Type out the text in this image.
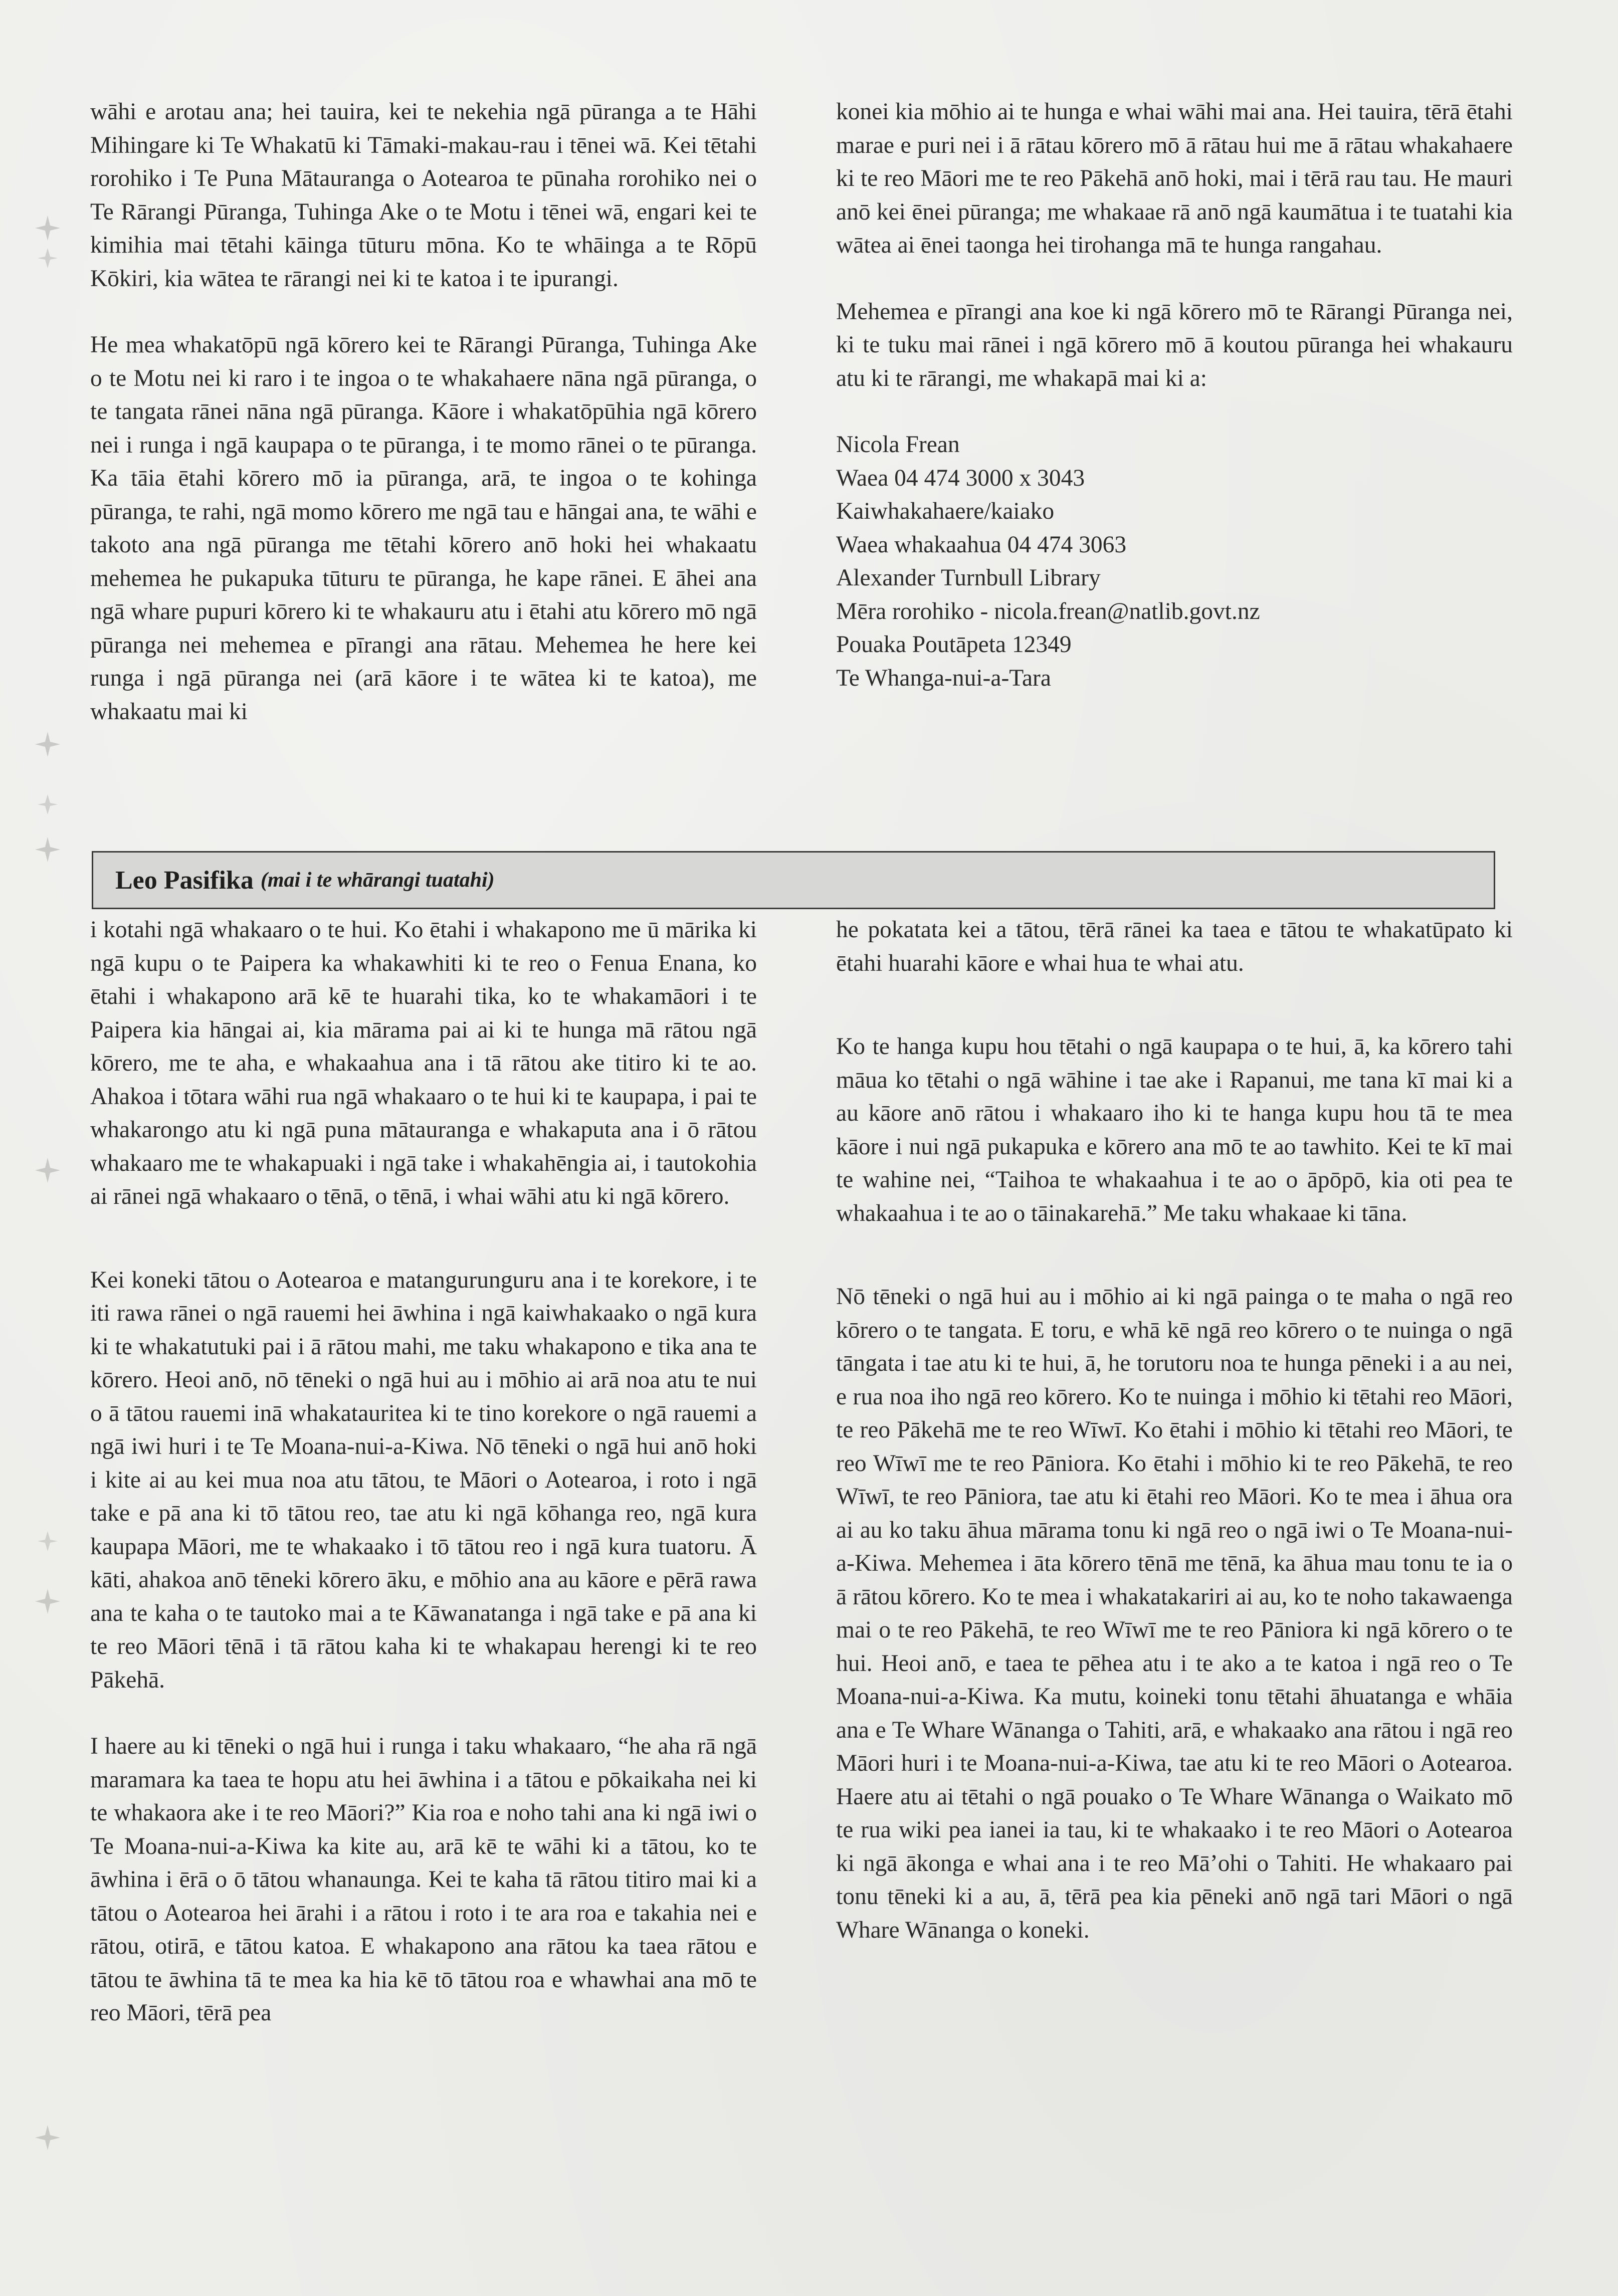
wāhi e arotau ana; hei tauira, kei te nekehia ngā pūranga a te Hāhi Mihingare ki Te Whakatū ki Tāmaki-makau-rau i tēnei wā. Kei tētahi rorohiko i Te Puna Mātauranga o Aotearoa te pūnaha rorohiko nei o Te Rārangi Pūranga, Tuhinga Ake o te Motu i tēnei wā, engari kei te kimihia mai tētahi kāinga tūturu mōna. Ko te whāinga a te Rōpū Kōkiri, kia wātea te rārangi nei ki te katoa i te ipurangi.

He mea whakatōpū ngā kōrero kei te Rārangi Pūranga, Tuhinga Ake o te Motu nei ki raro i te ingoa o te whakahaere nāna ngā pūranga, o te tangata rānei nāna ngā pūranga. Kāore i whakatōpūhia ngā kōrero nei i runga i ngā kaupapa o te pūranga, i te momo rānei o te pūranga. Ka tāia ētahi kōrero mō ia pūranga, arā, te ingoa o te kohinga pūranga, te rahi, ngā momo kōrero me ngā tau e hāngai ana, te wāhi e takoto ana ngā pūranga me tētahi kōrero anō hoki hei whakaatu mehemea he pukapuka tūturu te pūranga, he kape rānei. E āhei ana ngā whare pupuri kōrero ki te whakauru atu i ētahi atu kōrero mō ngā pūranga nei mehemea e pīrangi ana rātau. Mehemea he here kei runga i ngā pūranga nei (arā kāore i te wātea ki te katoa), me whakaatu mai ki

konei kia mōhio ai te hunga e whai wāhi mai ana. Hei tauira, tērā ētahi marae e puri nei i ā rātau kōrero mō ā rātau hui me ā rātau whakahaere ki te reo Māori me te reo Pākehā anō hoki, mai i tērā rau tau. He mauri anō kei ēnei pūranga; me whakaae rā anō ngā kaumātua i te tuatahi kia wātea ai ēnei taonga hei tirohanga mā te hunga rangahau.

Mehemea e pīrangi ana koe ki ngā kōrero mō te Rārangi Pūranga nei, ki te tuku mai rānei i ngā kōrero mō ā koutou pūranga hei whakauru atu ki te rārangi, me whakapā mai ki a:

Nicola Frean
Waea 04 474 3000 x 3043
Kaiwhakahaere/kaiako
Waea whakaahua 04 474 3063
Alexander Turnbull Library
Mēra rorohiko - nicola.frean@natlib.govt.nz
Pouaka Poutāpeta 12349
Te Whanga-nui-a-Tara
Leo Pasifika (mai i te whārangi tuatahi)

i kotahi ngā whakaaro o te hui. Ko ētahi i whakapono me ū mārika ki ngā kupu o te Paipera ka whakawhiti ki te reo o Fenua Enana, ko ētahi i whakapono arā kē te huarahi tika, ko te whakamāori i te Paipera kia hāngai ai, kia mārama pai ai ki te hunga mā rātou ngā kōrero, me te aha, e whakaahua ana i tā rātou ake titiro ki te ao. Ahakoa i tōtara wāhi rua ngā whakaaro o te hui ki te kaupapa, i pai te whakarongo atu ki ngā puna mātauranga e whakaputa ana i ō rātou whakaaro me te whakapuaki i ngā take i whakahēngia ai, i tautokohia ai rānei ngā whakaaro o tēnā, o tēnā, i whai wāhi atu ki ngā kōrero.

Kei koneki tātou o Aotearoa e matangurunguru ana i te korekore, i te iti rawa rānei o ngā rauemi hei āwhina i ngā kaiwhakaako o ngā kura ki te whakatutuki pai i ā rātou mahi, me taku whakapono e tika ana te kōrero. Heoi anō, nō tēneki o ngā hui au i mōhio ai arā noa atu te nui o ā tātou rauemi inā whakatauritea ki te tino korekore o ngā rauemi a ngā iwi huri i te Te Moana-nui-a-Kiwa. Nō tēneki o ngā hui anō hoki i kite ai au kei mua noa atu tātou, te Māori o Aotearoa, i roto i ngā take e pā ana ki tō tātou reo, tae atu ki ngā kōhanga reo, ngā kura kaupapa Māori, me te whakaako i tō tātou reo i ngā kura tuatoru. Ā kāti, ahakoa anō tēneki kōrero āku, e mōhio ana au kāore e pērā rawa ana te kaha o te tautoko mai a te Kāwanatanga i ngā take e pā ana ki te reo Māori tēnā i tā rātou kaha ki te whakapau herengi ki te reo Pākehā.

I haere au ki tēneki o ngā hui i runga i taku whakaaro, “he aha rā ngā maramara ka taea te hopu atu hei āwhina i a tātou e pōkaikaha nei ki te whakaora ake i te reo Māori?” Kia roa e noho tahi ana ki ngā iwi o Te Moana-nui-a-Kiwa ka kite au, arā kē te wāhi ki a tātou, ko te āwhina i ērā o ō tātou whanaunga. Kei te kaha tā rātou titiro mai ki a tātou o Aotearoa hei ārahi i a rātou i roto i te ara roa e takahia nei e rātou, otirā, e tātou katoa. E whakapono ana rātou ka taea rātou e tātou te āwhina tā te mea ka hia kē tō tātou roa e whawhai ana mō te reo Māori, tērā pea

he pokatata kei a tātou, tērā rānei ka taea e tātou te whakatūpato ki ētahi huarahi kāore e whai hua te whai atu.

Ko te hanga kupu hou tētahi o ngā kaupapa o te hui, ā, ka kōrero tahi māua ko tētahi o ngā wāhine i tae ake i Rapanui, me tana kī mai ki a au kāore anō rātou i whakaaro iho ki te hanga kupu hou tā te mea kāore i nui ngā pukapuka e kōrero ana mō te ao tawhito. Kei te kī mai te wahine nei, “Taihoa te whakaahua i te ao o āpōpō, kia oti pea te whakaahua i te ao o tāinakarehā.” Me taku whakaae ki tāna.

Nō tēneki o ngā hui au i mōhio ai ki ngā painga o te maha o ngā reo kōrero o te tangata. E toru, e whā kē ngā reo kōrero o te nuinga o ngā tāngata i tae atu ki te hui, ā, he torutoru noa te hunga pēneki i a au nei, e rua noa iho ngā reo kōrero. Ko te nuinga i mōhio ki tētahi reo Māori, te reo Pākehā me te reo Wīwī. Ko ētahi i mōhio ki tētahi reo Māori, te reo Wīwī me te reo Pāniora. Ko ētahi i mōhio ki te reo Pākehā, te reo Wīwī, te reo Pāniora, tae atu ki ētahi reo Māori. Ko te mea i āhua ora ai au ko taku āhua mārama tonu ki ngā reo o ngā iwi o Te Moana-nui-a-Kiwa. Mehemea i āta kōrero tēnā me tēnā, ka āhua mau tonu te ia o ā rātou kōrero. Ko te mea i whakatakariri ai au, ko te noho takawaenga mai o te reo Pākehā, te reo Wīwī me te reo Pāniora ki ngā kōrero o te hui. Heoi anō, e taea te pēhea atu i te ako a te katoa i ngā reo o Te Moana-nui-a-Kiwa. Ka mutu, koineki tonu tētahi āhuatanga e whāia ana e Te Whare Wānanga o Tahiti, arā, e whakaako ana rātou i ngā reo Māori huri i te Moana-nui-a-Kiwa, tae atu ki te reo Māori o Aotearoa. Haere atu ai tētahi o ngā pouako o Te Whare Wānanga o Waikato mō te rua wiki pea ianei ia tau, ki te whakaako i te reo Māori o Aotearoa ki ngā ākonga e whai ana i te reo Mā’ohi o Tahiti. He whakaaro pai tonu tēneki ki a au, ā, tērā pea kia pēneki anō ngā tari Māori o ngā Whare Wānanga o koneki.
